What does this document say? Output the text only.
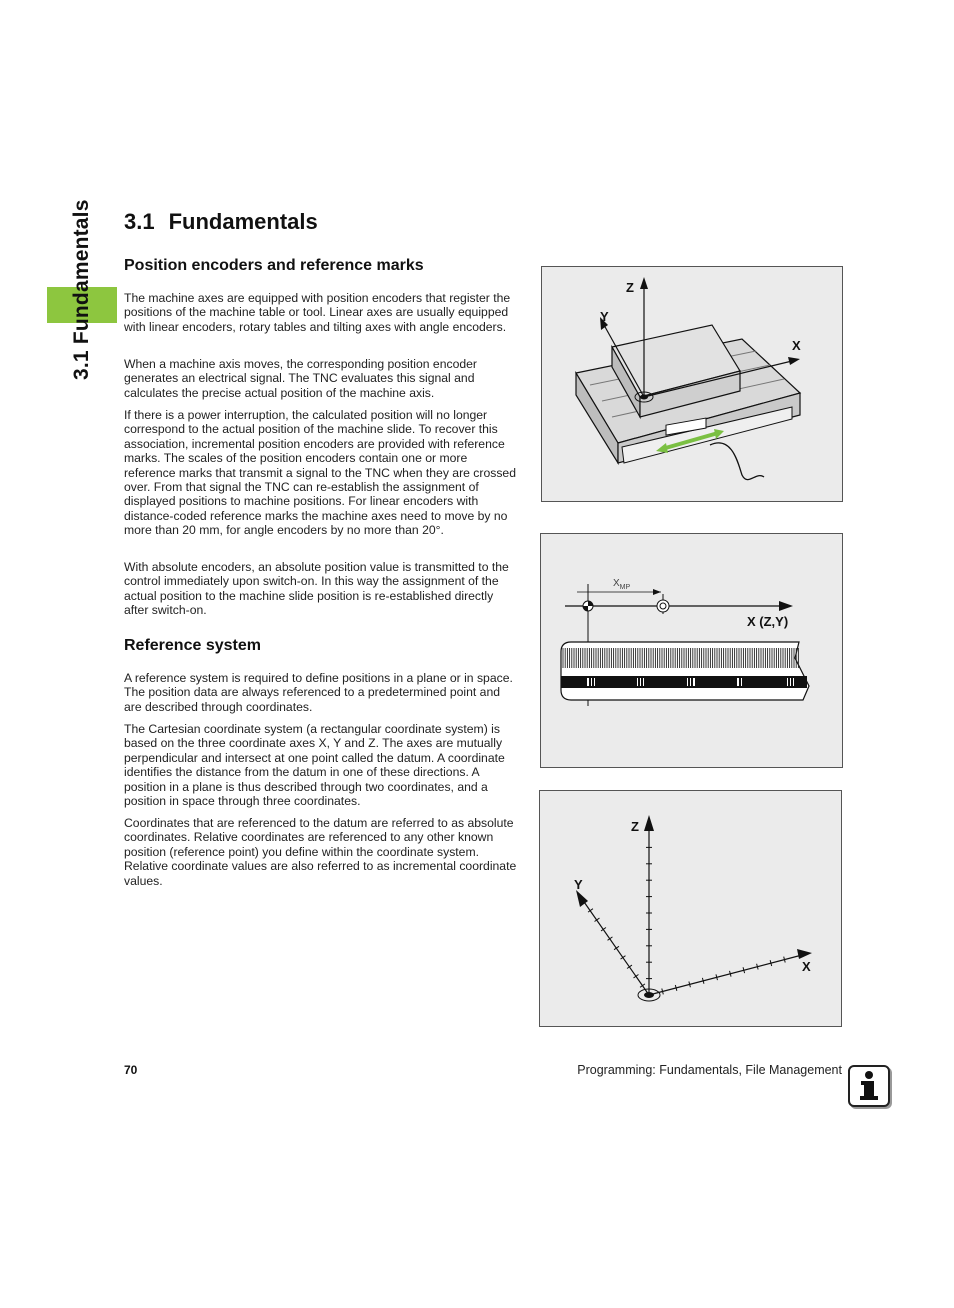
3.1 Fundamentals 3.1 Fundamentals
Position encoders and reference marks

The machine axes are equipped with position encoders that register the positions of the machine table or tool. Linear axes are usually equipped with linear encoders, rotary tables and tilting axes with angle encoders.

When a machine axis moves, the corresponding position encoder generates an electrical signal. The TNC evaluates this signal and calculates the precise actual position of the machine axis.

If there is a power interruption, the calculated position will no longer correspond to the actual position of the machine slide. To recover this association, incremental position encoders are provided with reference marks. The scales of the position encoders contain one or more reference marks that transmit a signal to the TNC when they are crossed over. From that signal the TNC can re-establish the assignment of displayed positions to machine positions. For linear encoders with distance-coded reference marks the machine axes need to move by no more than 20 mm, for angle encoders by no more than 20°.

With absolute encoders, an absolute position value is transmitted to the control immediately upon switch-on. In this way the assignment of the actual position to the machine slide position is re-established directly after switch-on.

Reference system

A reference system is required to define positions in a plane or in space. The position data are always referenced to a predetermined point and are described through coordinates.

The Cartesian coordinate system (a rectangular coordinate system) is based on the three coordinate axes X, Y and Z. The axes are mutually perpendicular and intersect at one point called the datum. A coordinate identifies the distance from the datum in one of these directions. A position in a plane is thus described through two coordinates, and a position in space through three coordinates.

Coordinates that are referenced to the datum are referred to as absolute coordinates. Relative coordinates are referenced to any other known position (reference point) you define within the coordinate system. Relative coordinate values are also referred to as incremental coordinate values.

Z
Y
X
$X_{MP}$
X (Z,Y)
Z
Y
X
70	Programming: Fundamentals, File Management
